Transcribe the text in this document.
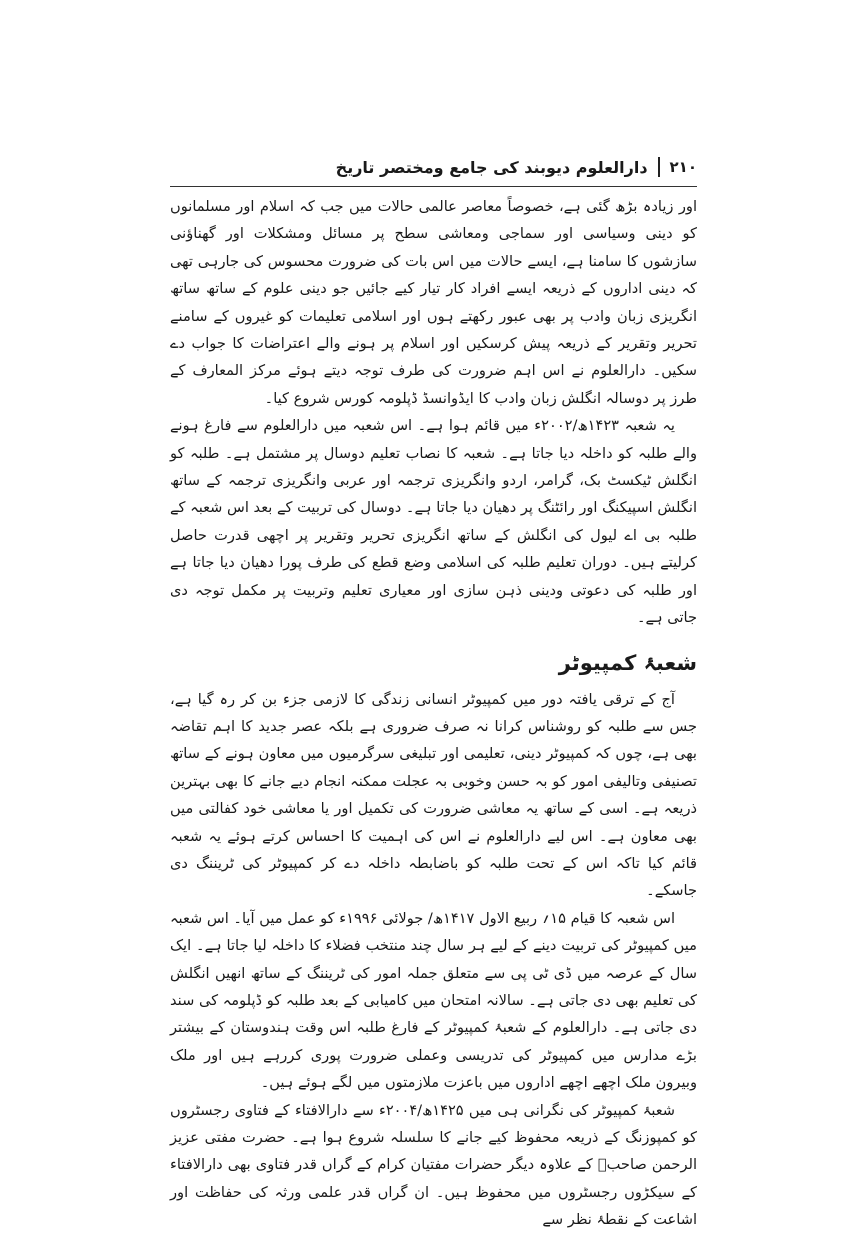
۲۱۰
دارالعلوم دیوبند کی جامع ومختصر تاریخ

اور زیادہ بڑھ گئی ہے، خصوصاً معاصر عالمی حالات میں جب کہ اسلام اور مسلمانوں کو دینی وسیاسی اور سماجی ومعاشی سطح پر مسائل ومشکلات اور گھناؤنی سازشوں کا سامنا ہے، ایسے حالات میں اس بات کی ضرورت محسوس کی جارہی تھی کہ دینی اداروں کے ذریعہ ایسے افراد کار تیار کیے جائیں جو دینی علوم کے ساتھ ساتھ انگریزی زبان وادب پر بھی عبور رکھتے ہوں اور اسلامی تعلیمات کو غیروں کے سامنے تحریر وتقریر کے ذریعہ پیش کرسکیں اور اسلام پر ہونے والے اعتراضات کا جواب دے سکیں۔ دارالعلوم نے اس اہم ضرورت کی طرف توجہ دیتے ہوئے مرکز المعارف کے طرز پر دوسالہ انگلش زبان وادب کا ایڈوانسڈ ڈپلومہ کورس شروع کیا۔

یہ شعبہ ۱۴۲۳ھ/۲۰۰۲ء میں قائم ہوا ہے۔ اس شعبہ میں دارالعلوم سے فارغ ہونے والے طلبہ کو داخلہ دیا جاتا ہے۔ شعبہ کا نصاب تعلیم دوسال پر مشتمل ہے۔ طلبہ کو انگلش ٹیکسٹ بک، گرامر، اردو وانگریزی ترجمہ اور عربی وانگریزی ترجمہ کے ساتھ انگلش اسپیکنگ اور رائٹنگ پر دھیان دیا جاتا ہے۔ دوسال کی تربیت کے بعد اس شعبہ کے طلبہ بی اے لیول کی انگلش کے ساتھ انگریزی تحریر وتقریر پر اچھی قدرت حاصل کرلیتے ہیں۔ دوران تعلیم طلبہ کی اسلامی وضع قطع کی طرف پورا دھیان دیا جاتا ہے اور طلبہ کی دعوتی ودینی ذہن سازی اور معیاری تعلیم وتربیت پر مکمل توجہ دی جاتی ہے۔

شعبۂ کمپیوٹر

آج کے ترقی یافتہ دور میں کمپیوٹر انسانی زندگی کا لازمی جزء بن کر رہ گیا ہے، جس سے طلبہ کو روشناس کرانا نہ صرف ضروری ہے بلکہ عصر جدید کا اہم تقاضہ بھی ہے، چوں کہ کمپیوٹر دینی، تعلیمی اور تبلیغی سرگرمیوں میں معاون ہونے کے ساتھ تصنیفی وتالیفی امور کو بہ حسن وخوبی بہ عجلت ممکنہ انجام دیے جانے کا بھی بہترین ذریعہ ہے۔ اسی کے ساتھ یہ معاشی ضرورت کی تکمیل اور یا معاشی خود کفالتی میں بھی معاون ہے۔ اس لیے دارالعلوم نے اس کی اہمیت کا احساس کرتے ہوئے یہ شعبہ قائم کیا تاکہ اس کے تحت طلبہ کو باضابطہ داخلہ دے کر کمپیوٹر کی ٹریننگ دی جاسکے۔

اس شعبہ کا قیام ۱۵؍ ربیع الاول ۱۴۱۷ھ/ جولائی ۱۹۹۶ء کو عمل میں آیا۔ اس شعبہ میں کمپیوٹر کی تربیت دینے کے لیے ہر سال چند منتخب فضلاء کا داخلہ لیا جاتا ہے۔ ایک سال کے عرصہ میں ڈی ٹی پی سے متعلق جملہ امور کی ٹریننگ کے ساتھ انھیں انگلش کی تعلیم بھی دی جاتی ہے۔ سالانہ امتحان میں کامیابی کے بعد طلبہ کو ڈپلومہ کی سند دی جاتی ہے۔ دارالعلوم کے شعبۂ کمپیوٹر کے فارغ طلبہ اس وقت ہندوستان کے بیشتر بڑے مدارس میں کمپیوٹر کی تدریسی وعملی ضرورت پوری کررہے ہیں اور ملک وبیرون ملک اچھے اچھے اداروں میں باعزت ملازمتوں میں لگے ہوئے ہیں۔

شعبۂ کمپیوٹر کی نگرانی ہی میں ۱۴۲۵ھ/۲۰۰۴ء سے دارالافتاء کے فتاوی رجسٹروں کو کمپوزنگ کے ذریعہ محفوظ کیے جانے کا سلسلہ شروع ہوا ہے۔ حضرت مفتی عزیز الرحمن صاحبؒ کے علاوہ دیگر حضرات مفتیان کرام کے گراں قدر فتاوی بھی دارالافتاء کے سیکڑوں رجسٹروں میں محفوظ ہیں۔ ان گراں قدر علمی ورثہ کی حفاظت اور اشاعت کے نقطۂ نظر سے
